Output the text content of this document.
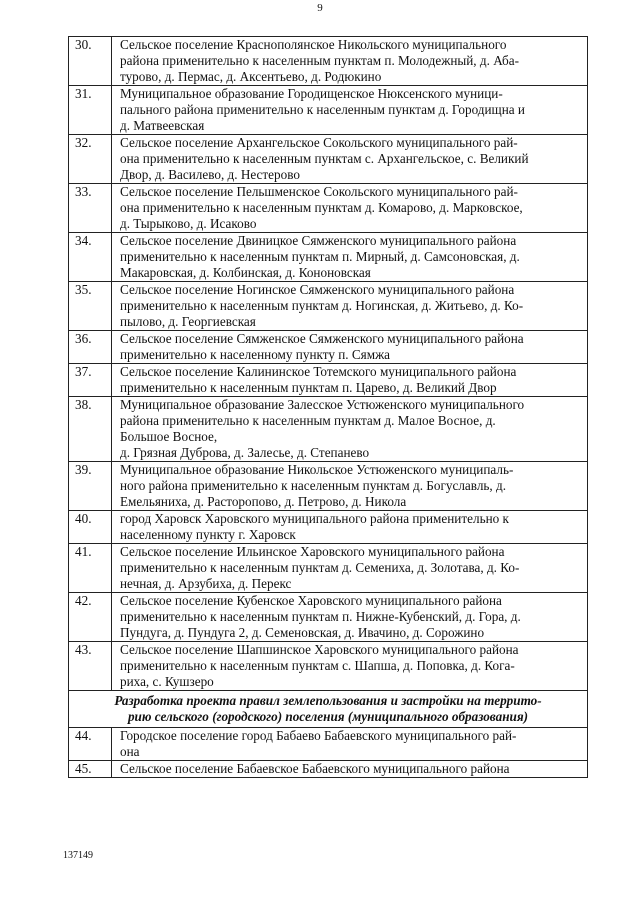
9
30.	Сельское поселение Краснополянское Никольского муниципального
района применительно к населенным пунктам п. Молодежный, д. Аба-
турово, д. Пермас, д. Аксентьево, д. Родюкино

31.	Муниципальное образование Городищенское Нюксенского муници-
пального района применительно к населенным пунктам д. Городищна и
д. Матвеевская

32.	Сельское поселение Архангельское Сокольского муниципального рай-
она применительно к населенным пунктам с. Архангельское, с. Великий
Двор, д. Василево, д. Нестерово

33.	Сельское поселение Пельшменское Сокольского муниципального рай-
она применительно к населенным пунктам д. Комарово, д. Марковское,
д. Тырыково, д. Исаково

34.	Сельское поселение Двиницкое Сямженского муниципального района
применительно к населенным пунктам п. Мирный, д. Самсоновская, д.
Макаровская, д. Колбинская, д. Кононовская

35.	Сельское поселение Ногинское Сямженского муниципального района
применительно к населенным пунктам д. Ногинская, д. Житьево, д. Ко-
пылово, д. Георгиевская

36.	Сельское поселение Сямженское Сямженского муниципального района
применительно к населенному пункту п. Сямжа

37.	Сельское поселение Калининское Тотемского муниципального района
применительно к населенным пунктам п. Царево, д. Великий Двор

38.	Муниципальное образование Залесское Устюженского муниципального
района применительно к населенным пунктам д. Малое Восное, д.
Большое Восное,
д. Грязная Дуброва, д. Залесье, д. Степанево

39.	Муниципальное образование Никольское Устюженского муниципаль-
ного района применительно к населенным пунктам д. Богуславль, д.
Емельяниха, д. Расторопово, д. Петрово, д. Никола

40.	город Харовск Харовского муниципального района применительно к
населенному пункту г. Харовск

41.	Сельское поселение Ильинское Харовского муниципального района
применительно к населенным пунктам д. Семениха, д. Золотава, д. Ко-
нечная, д. Арзубиха, д. Перекс

42.	Сельское поселение Кубенское Харовского муниципального района
применительно к населенным пунктам п. Нижне-Кубенский, д. Гора, д.
Пундуга, д. Пундуга 2, д. Семеновская, д. Ивачино, д. Сорожино

43.	Сельское поселение Шапшинское Харовского муниципального района
применительно к населенным пунктам с. Шапша, д. Поповка, д. Кога-
риха, с. Кушзеро

Разработка проекта правил землепользования и застройки на террито-
рию сельского (городского) поселения (муниципального образования)	

44.	Городское поселение город Бабаево Бабаевского муниципального рай-
она

45.	Сельское поселение Бабаевское Бабаевского муниципального района
137149
